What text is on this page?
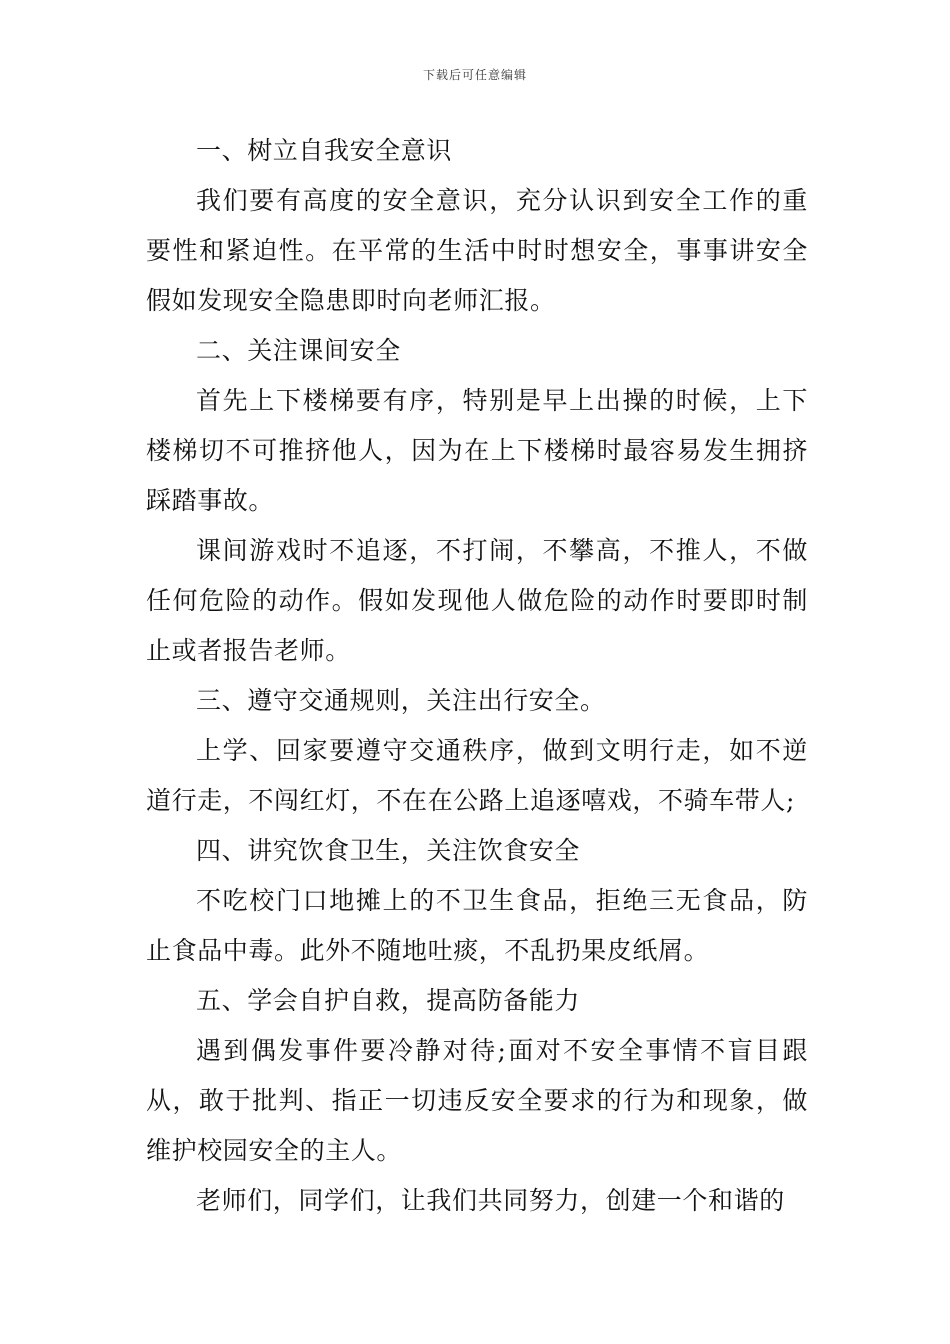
下载后可任意编辑

一、树立自我安全意识

我们要有高度的安全意识，充分认识到安全工作的重要性和紧迫性。在平常的生活中时时想安全，事事讲安全假如发现安全隐患即时向老师汇报。

二、关注课间安全

首先上下楼梯要有序，特别是早上出操的时候，上下楼梯切不可推挤他人，因为在上下楼梯时最容易发生拥挤踩踏事故。

课间游戏时不追逐，不打闹，不攀高，不推人，不做任何危险的动作。假如发现他人做危险的动作时要即时制止或者报告老师。

三、遵守交通规则，关注出行安全。

上学、回家要遵守交通秩序，做到文明行走，如不逆道行走，不闯红灯，不在在公路上追逐嘻戏，不骑车带人;

四、讲究饮食卫生，关注饮食安全

不吃校门口地摊上的不卫生食品，拒绝三无食品，防止食品中毒。此外不随地吐痰，不乱扔果皮纸屑。

五、学会自护自救，提高防备能力

遇到偶发事件要冷静对待;面对不安全事情不盲目跟从，敢于批判、指正一切违反安全要求的行为和现象，做维护校园安全的主人。

老师们，同学们，让我们共同努力，创建一个和谐的
